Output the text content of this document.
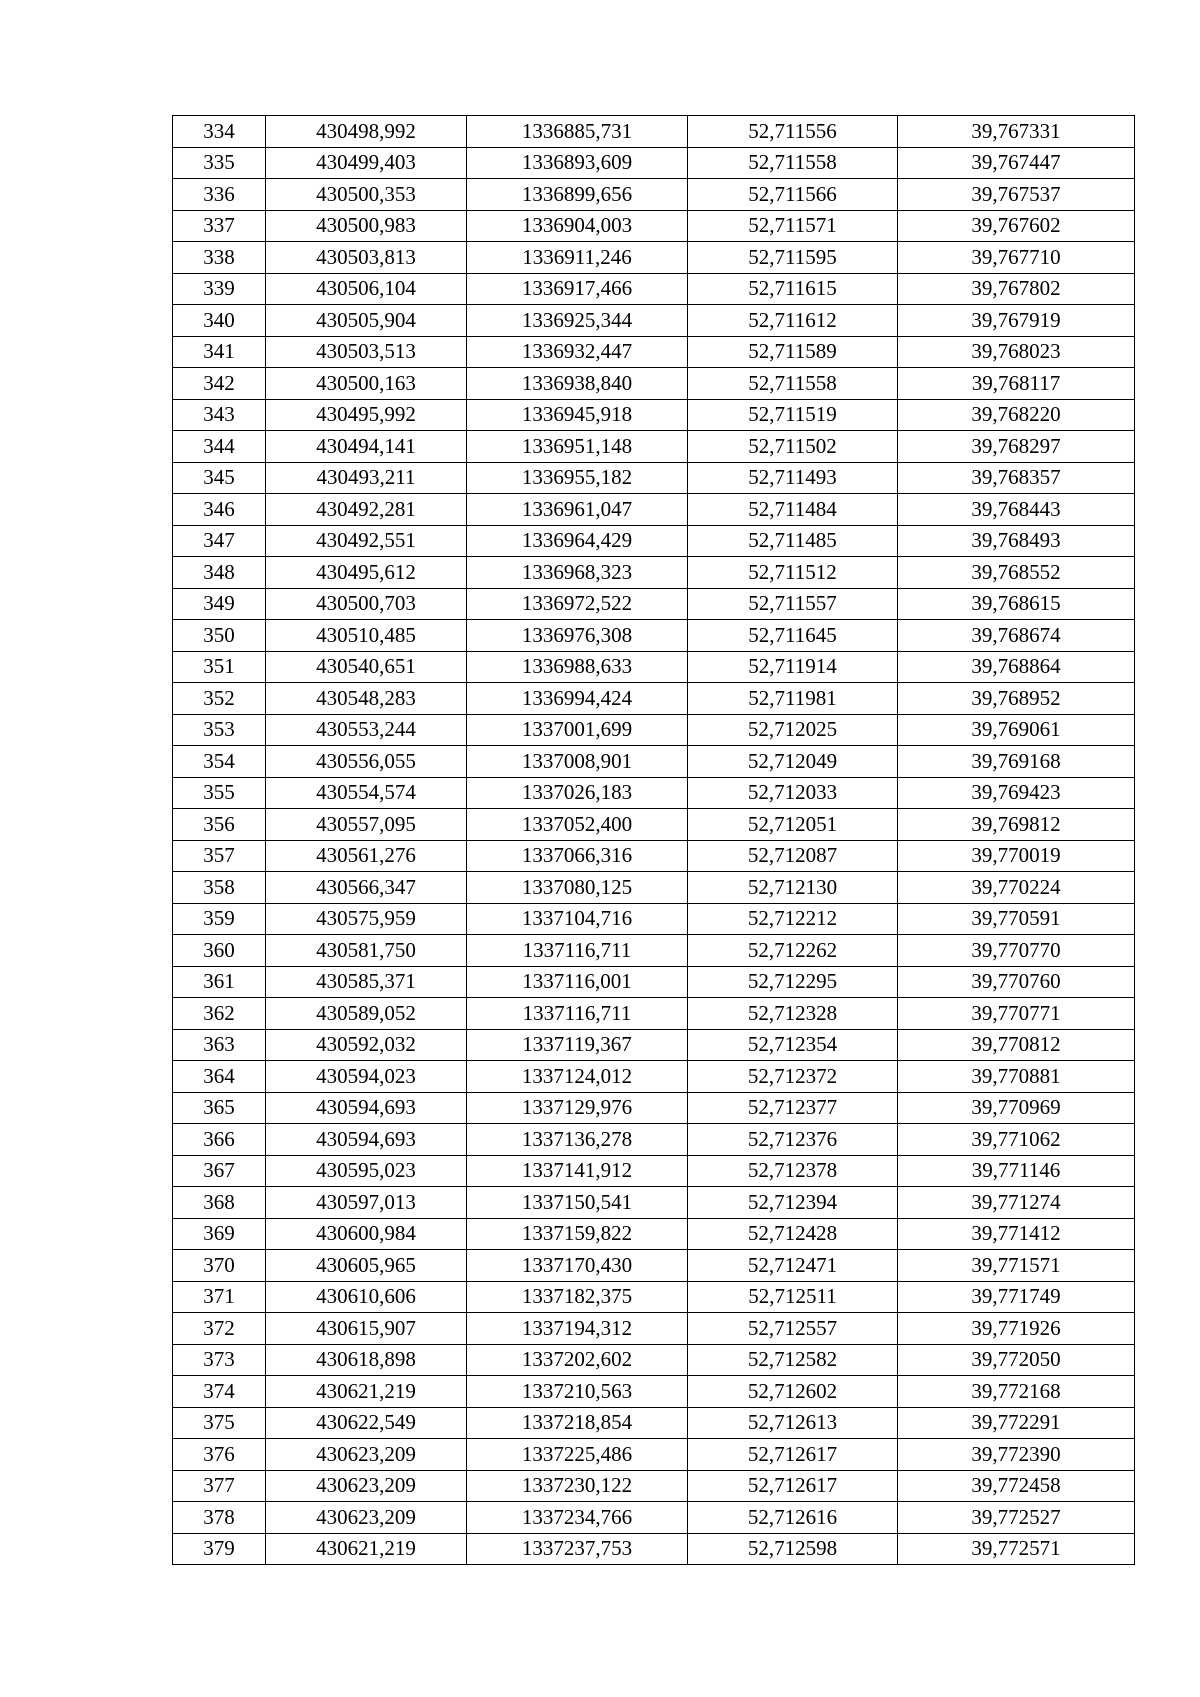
334	430498,992	1336885,731	52,711556	39,767331
335	430499,403	1336893,609	52,711558	39,767447
336	430500,353	1336899,656	52,711566	39,767537
337	430500,983	1336904,003	52,711571	39,767602
338	430503,813	1336911,246	52,711595	39,767710
339	430506,104	1336917,466	52,711615	39,767802
340	430505,904	1336925,344	52,711612	39,767919
341	430503,513	1336932,447	52,711589	39,768023
342	430500,163	1336938,840	52,711558	39,768117
343	430495,992	1336945,918	52,711519	39,768220
344	430494,141	1336951,148	52,711502	39,768297
345	430493,211	1336955,182	52,711493	39,768357
346	430492,281	1336961,047	52,711484	39,768443
347	430492,551	1336964,429	52,711485	39,768493
348	430495,612	1336968,323	52,711512	39,768552
349	430500,703	1336972,522	52,711557	39,768615
350	430510,485	1336976,308	52,711645	39,768674
351	430540,651	1336988,633	52,711914	39,768864
352	430548,283	1336994,424	52,711981	39,768952
353	430553,244	1337001,699	52,712025	39,769061
354	430556,055	1337008,901	52,712049	39,769168
355	430554,574	1337026,183	52,712033	39,769423
356	430557,095	1337052,400	52,712051	39,769812
357	430561,276	1337066,316	52,712087	39,770019
358	430566,347	1337080,125	52,712130	39,770224
359	430575,959	1337104,716	52,712212	39,770591
360	430581,750	1337116,711	52,712262	39,770770
361	430585,371	1337116,001	52,712295	39,770760
362	430589,052	1337116,711	52,712328	39,770771
363	430592,032	1337119,367	52,712354	39,770812
364	430594,023	1337124,012	52,712372	39,770881
365	430594,693	1337129,976	52,712377	39,770969
366	430594,693	1337136,278	52,712376	39,771062
367	430595,023	1337141,912	52,712378	39,771146
368	430597,013	1337150,541	52,712394	39,771274
369	430600,984	1337159,822	52,712428	39,771412
370	430605,965	1337170,430	52,712471	39,771571
371	430610,606	1337182,375	52,712511	39,771749
372	430615,907	1337194,312	52,712557	39,771926
373	430618,898	1337202,602	52,712582	39,772050
374	430621,219	1337210,563	52,712602	39,772168
375	430622,549	1337218,854	52,712613	39,772291
376	430623,209	1337225,486	52,712617	39,772390
377	430623,209	1337230,122	52,712617	39,772458
378	430623,209	1337234,766	52,712616	39,772527
379	430621,219	1337237,753	52,712598	39,772571
